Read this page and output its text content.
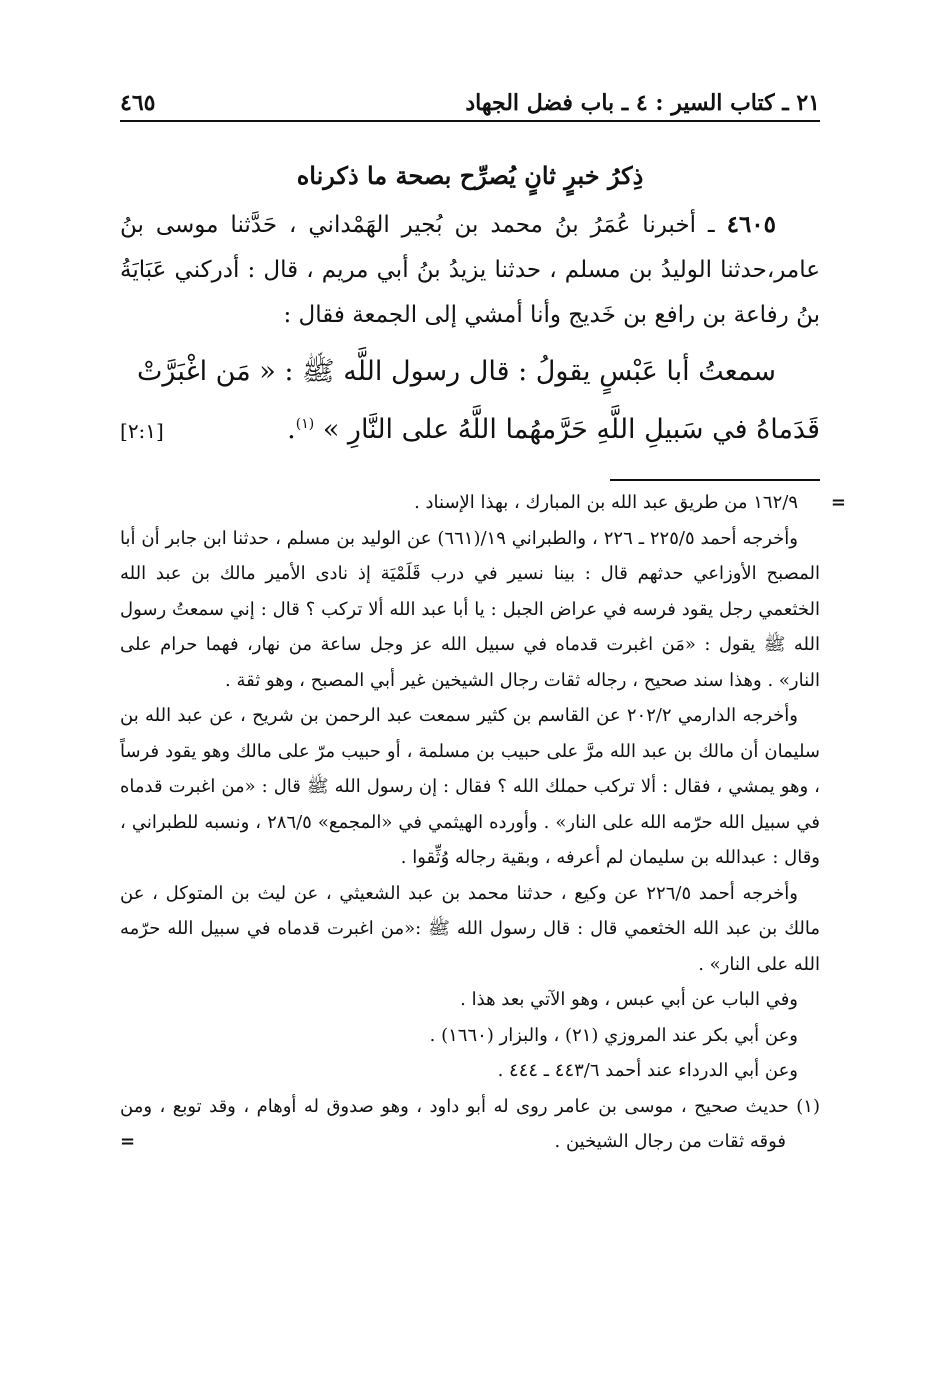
٢١ ـ كتاب السير : ٤ ـ باب فضل الجهاد
٤٦٥
ذِكرُ خبرٍ ثانٍ يُصرِّح بصحة ما ذكرناه

٤٦٠٥ ـ أخبرنا عُمَرُ بنُ محمد بن بُجير الهَمْداني ، حَدَّثنا موسى بنُ عامر،حدثنا الوليدُ بن مسلم ، حدثنا يزيدُ بنُ أبي مريم ، قال : أدركني عَبَايَةُ بنُ رفاعة بن رافع بن خَديج وأنا أمشي إلى الجمعة فقال :

سمعتُ أبا عَبْسٍ يقولُ : قال رسول اللَّه ﷺ : « مَن اغْبَرَّتْ

قَدَماهُ في سَبيلِ اللَّهِ حَرَّمهُما اللَّهُ على النَّارِ » $^{(١)}$.
[٢:١]
=

١٦٢/٩ من طريق عبد الله بن المبارك ، بهذا الإسناد .

وأخرجه أحمد ٢٢٥/٥ ـ ٢٢٦ ، والطبراني ١٩/(٦٦١) عن الوليد بن مسلم ، حدثنا ابن جابر أن أبا المصبح الأوزاعي حدثهم قال : بينا نسير في درب قَلَمْيَة إذ نادى الأمير مالك بن عبد الله الخثعمي رجل يقود فرسه في عراض الجبل : يا أبا عبد الله ألا تركب ؟ قال : إني سمعتُ رسول الله ﷺ يقول : «مَن اغبرت قدماه في سبيل الله عز وجل ساعة من نهار، فهما حرام على النار» . وهذا سند صحيح ، رجاله ثقات رجال الشيخين غير أبي المصبح ، وهو ثقة .

وأخرجه الدارمي ٢٠٢/٢ عن القاسم بن كثير سمعت عبد الرحمن بن شريح ، عن عبد الله بن سليمان أن مالك بن عبد الله مرَّ على حبيب بن مسلمة ، أو حبيب مرّ على مالك وهو يقود فرساً ، وهو يمشي ، فقال : ألا تركب حملك الله ؟ فقال : إن رسول الله ﷺ قال : «من اغبرت قدماه في سبيل الله حرّمه الله على النار» . وأورده الهيثمي في «المجمع» ٢٨٦/٥ ، ونسبه للطبراني ، وقال : عبدالله بن سليمان لم أعرفه ، وبقية رجاله وُثِّقوا .

وأخرجه أحمد ٢٢٦/٥ عن وكيع ، حدثنا محمد بن عبد الشعيثي ، عن ليث بن المتوكل ، عن مالك بن عبد الله الخثعمي قال : قال رسول الله ﷺ :«من اغبرت قدماه في سبيل الله حرّمه الله على النار» .

وفي الباب عن أبي عبس ، وهو الآتي بعد هذا .

وعن أبي بكر عند المروزي (٢١) ، والبزار (١٦٦٠) .

وعن أبي الدرداء عند أحمد ٤٤٣/٦ ـ ٤٤٤ .

(١) حديث صحيح ، موسى بن عامر روى له أبو داود ، وهو صدوق له أوهام ، وقد توبع ، ومن فوقه ثقات من رجال الشيخين .

=
